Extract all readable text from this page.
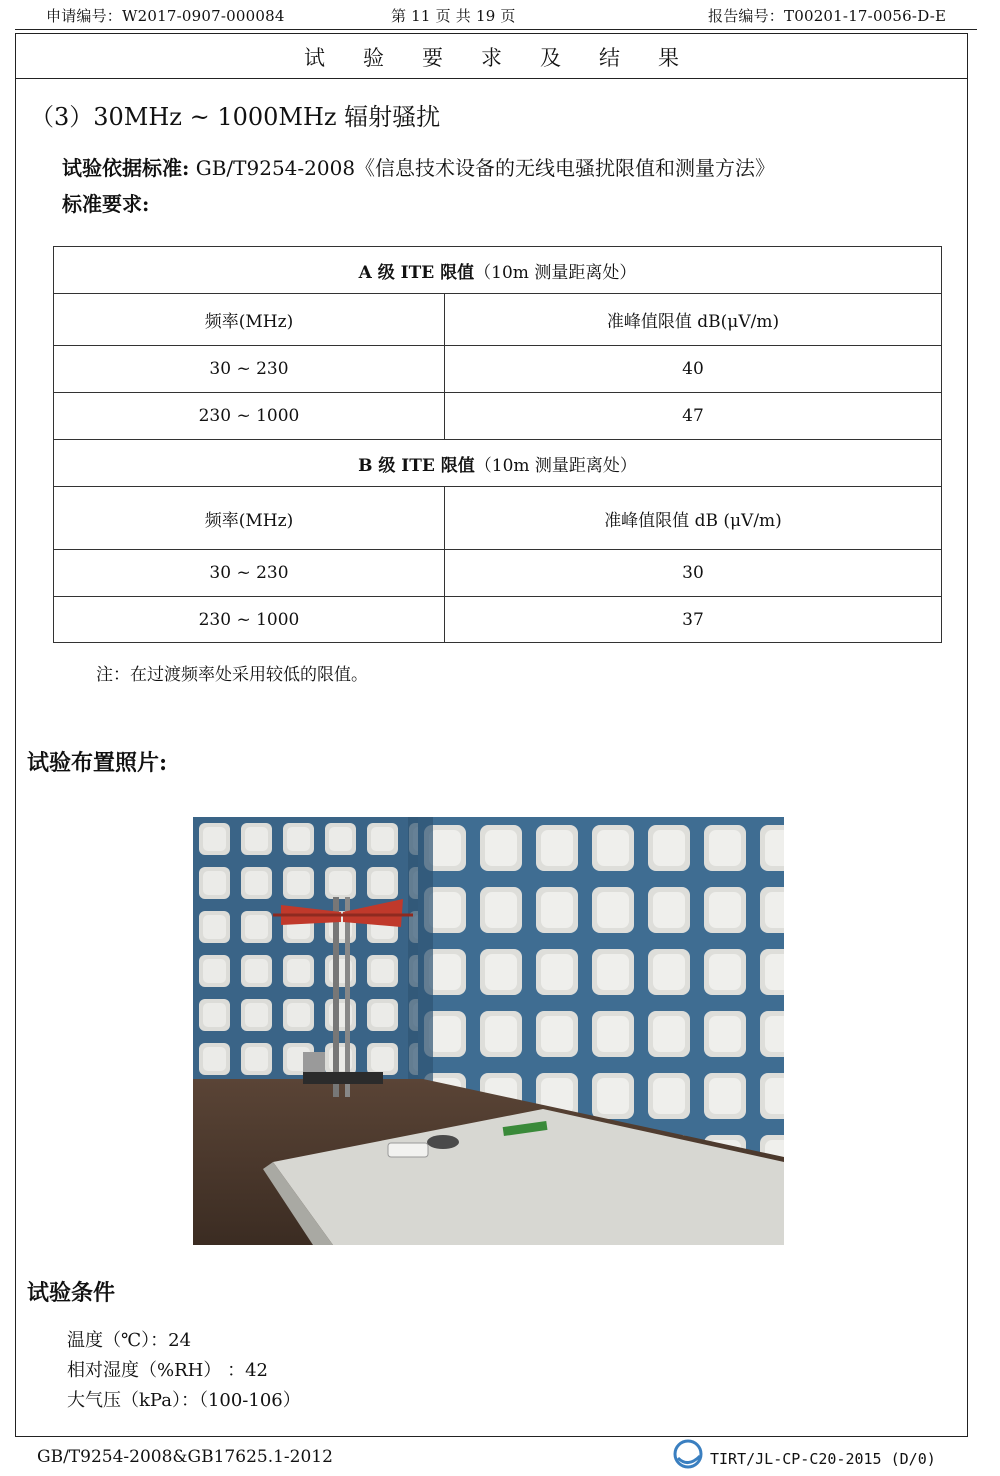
申请编号：W2017-0907-000084	第 11 页 共 19 页	报告编号：T00201-17-0056-D-E
试验要求及结果
（3）30MHz ~ 1000MHz 辐射骚扰
试验依据标准: GB/T9254-2008《信息技术设备的无线电骚扰限值和测量方法》
标准要求:
A 级 ITE 限值（10m 测量距离处）	
频率(MHz)	准峰值限值 dB(μV/m)
30 ~ 230	40
230 ~ 1000	47
B 级 ITE 限值（10m 测量距离处）	
频率(MHz)	准峰值限值 dB (μV/m)
30 ~ 230	30
230 ~ 1000	37
注：在过渡频率处采用较低的限值。
试验布置照片:
试验条件
温度（℃）：24
相对湿度（%RH） ：42
大气压（kPa）：（100-106）
GB/T9254-2008&GB17625.1-2012	TIRT/JL-CP-C20-2015 (D/0)
